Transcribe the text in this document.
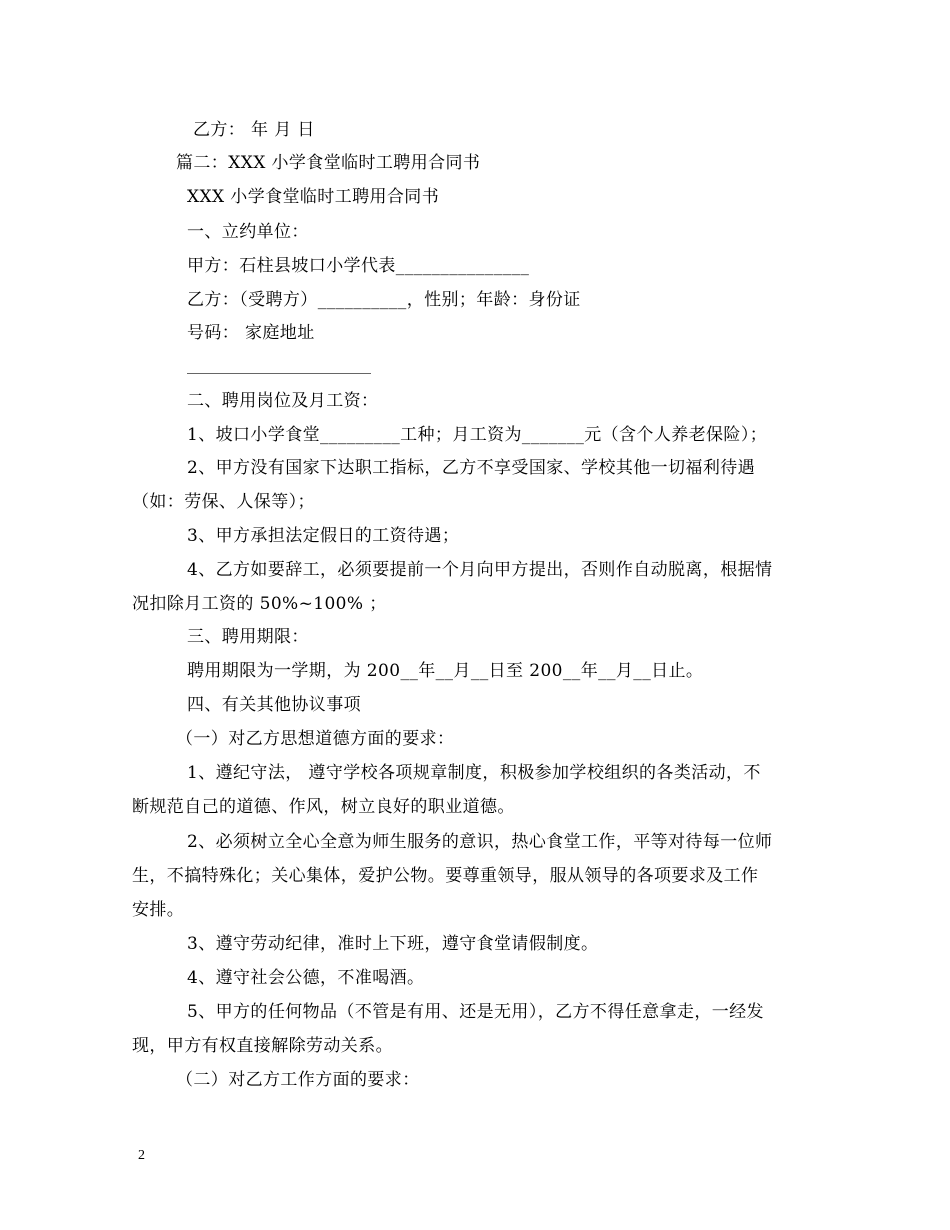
乙方： 年 月 日
篇二：XXX 小学食堂临时工聘用合同书
XXX 小学食堂临时工聘用合同书
一、立约单位：
甲方：石柱县坡口小学代表_______________
乙方：（受聘方）__________，性别；年龄：身份证
号码： 家庭地址
二、聘用岗位及月工资：
1、坡口小学食堂_________工种；月工资为_______元（含个人养老保险）；
2、甲方没有国家下达职工指标，乙方不享受国家、学校其他一切福利待遇
（如：劳保、人保等）；
3、甲方承担法定假日的工资待遇；
4、乙方如要辞工，必须要提前一个月向甲方提出，否则作自动脱离，根据情
况扣除月工资的 50%~100% ；
三、聘用期限：
聘用期限为一学期，为 200__年__月__日至 200__年__月__日止。
四、有关其他协议事项
（一）对乙方思想道德方面的要求：
1、遵纪守法， 遵守学校各项规章制度，积极参加学校组织的各类活动，不
断规范自己的道德、作风，树立良好的职业道德。
2、必须树立全心全意为师生服务的意识，热心食堂工作，平等对待每一位师
生，不搞特殊化；关心集体，爱护公物。要尊重领导，服从领导的各项要求及工作
安排。
3、遵守劳动纪律，准时上下班，遵守食堂请假制度。
4、遵守社会公德，不准喝酒。
5、甲方的任何物品（不管是有用、还是无用），乙方不得任意拿走，一经发
现，甲方有权直接解除劳动关系。
（二）对乙方工作方面的要求：
2
